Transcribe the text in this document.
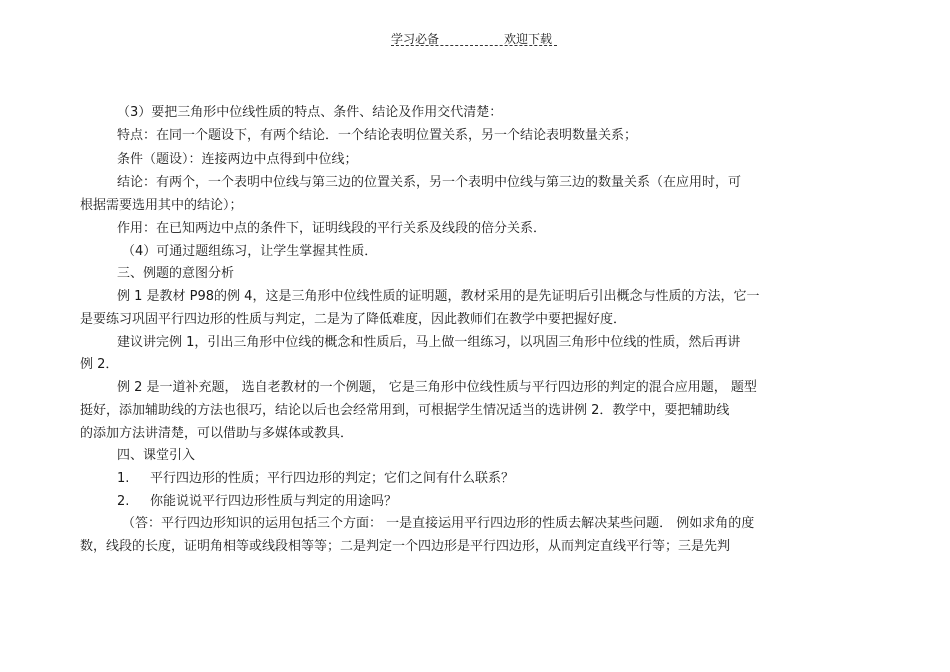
学习必备	欢迎下载
（3）要把三角形中位线性质的特点、条件、结论及作用交代清楚：
特点：在同一个题设下，有两个结论．一个结论表明位置关系，另一个结论表明数量关系；
条件（题设）：连接两边中点得到中位线；
结论：有两个，一个表明中位线与第三边的位置关系，另一个表明中位线与第三边的数量关系（在应用时，可
根据需要选用其中的结论）；
作用：在已知两边中点的条件下，证明线段的平行关系及线段的倍分关系．
（4）可通过题组练习，让学生掌握其性质．
三、例题的意图分析
例 1 是教材 P98的例 4，这是三角形中位线性质的证明题，教材采用的是先证明后引出概念与性质的方法，它一
是要练习巩固平行四边形的性质与判定，二是为了降低难度，因此教师们在教学中要把握好度．
建议讲完例 1，引出三角形中位线的概念和性质后，马上做一组练习，以巩固三角形中位线的性质，然后再讲
例 2．
例 2 是一道补充题， 选自老教材的一个例题， 它是三角形中位线性质与平行四边形的判定的混合应用题， 题型
挺好，添加辅助线的方法也很巧，结论以后也会经常用到，可根据学生情况适当的选讲例 2．教学中，要把辅助线
的添加方法讲清楚，可以借助与多媒体或教具．
四、课堂引入
1. 平行四边形的性质；平行四边形的判定；它们之间有什么联系？
2. 你能说说平行四边形性质与判定的用途吗？
（答：平行四边形知识的运用包括三个方面： 一是直接运用平行四边形的性质去解决某些问题． 例如求角的度
数，线段的长度，证明角相等或线段相等等；二是判定一个四边形是平行四边形，从而判定直线平行等；三是先判
